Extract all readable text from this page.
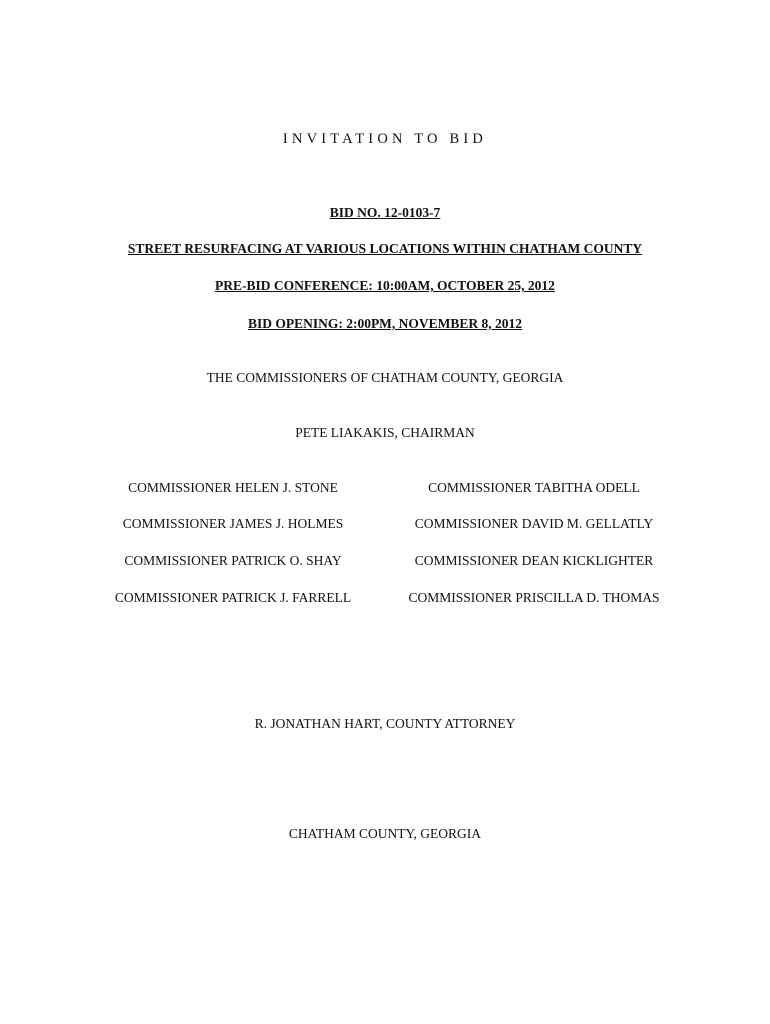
INVITATION TO BID
BID NO. 12-0103-7
STREET RESURFACING AT VARIOUS LOCATIONS WITHIN CHATHAM COUNTY
PRE-BID CONFERENCE: 10:00AM, OCTOBER 25, 2012
BID OPENING: 2:00PM, NOVEMBER 8, 2012
THE COMMISSIONERS OF CHATHAM COUNTY, GEORGIA
PETE LIAKAKIS, CHAIRMAN
COMMISSIONER HELEN J. STONE	COMMISSIONER TABITHA ODELL
COMMISSIONER JAMES J. HOLMES	COMMISSIONER DAVID M. GELLATLY
COMMISSIONER PATRICK O. SHAY	COMMISSIONER DEAN KICKLIGHTER
COMMISSIONER PATRICK J. FARRELL	COMMISSIONER PRISCILLA D. THOMAS
R. JONATHAN HART, COUNTY ATTORNEY
CHATHAM COUNTY, GEORGIA
